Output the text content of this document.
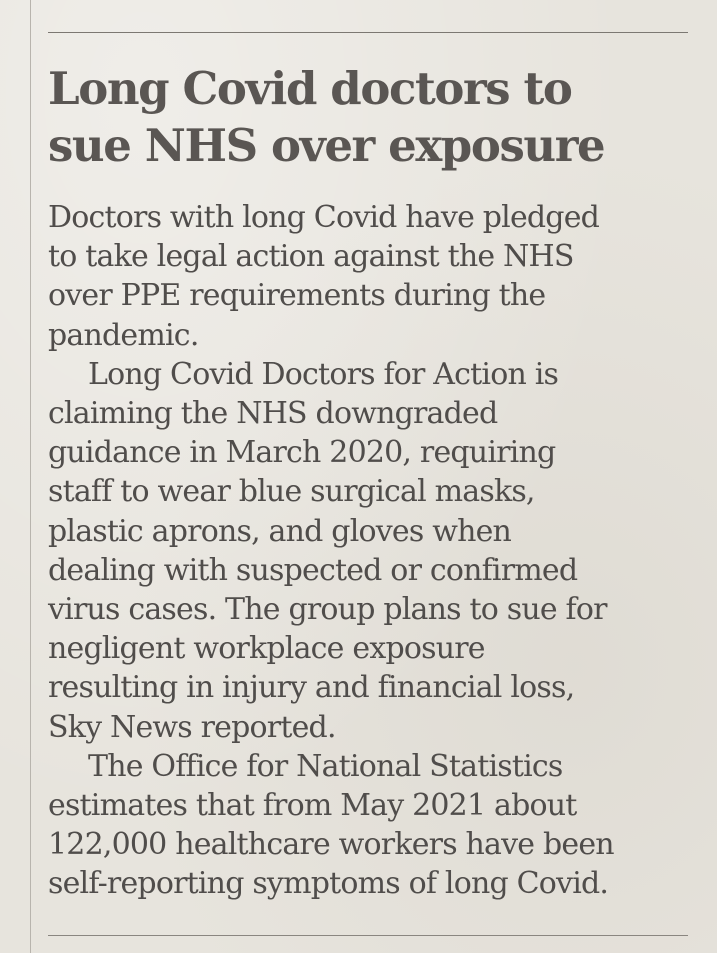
Long Covid doctors to
sue NHS over exposure

Doctors with long Covid have pledged
to take legal action against the NHS
over PPE requirements during the
pandemic.

Long Covid Doctors for Action is
claiming the NHS downgraded
guidance in March 2020, requiring
staff to wear blue surgical masks,
plastic aprons, and gloves when
dealing with suspected or confirmed
virus cases. The group plans to sue for
negligent workplace exposure
resulting in injury and financial loss,
Sky News reported.

The Office for National Statistics
estimates that from May 2021 about
122,000 healthcare workers have been
self-reporting symptoms of long Covid.
